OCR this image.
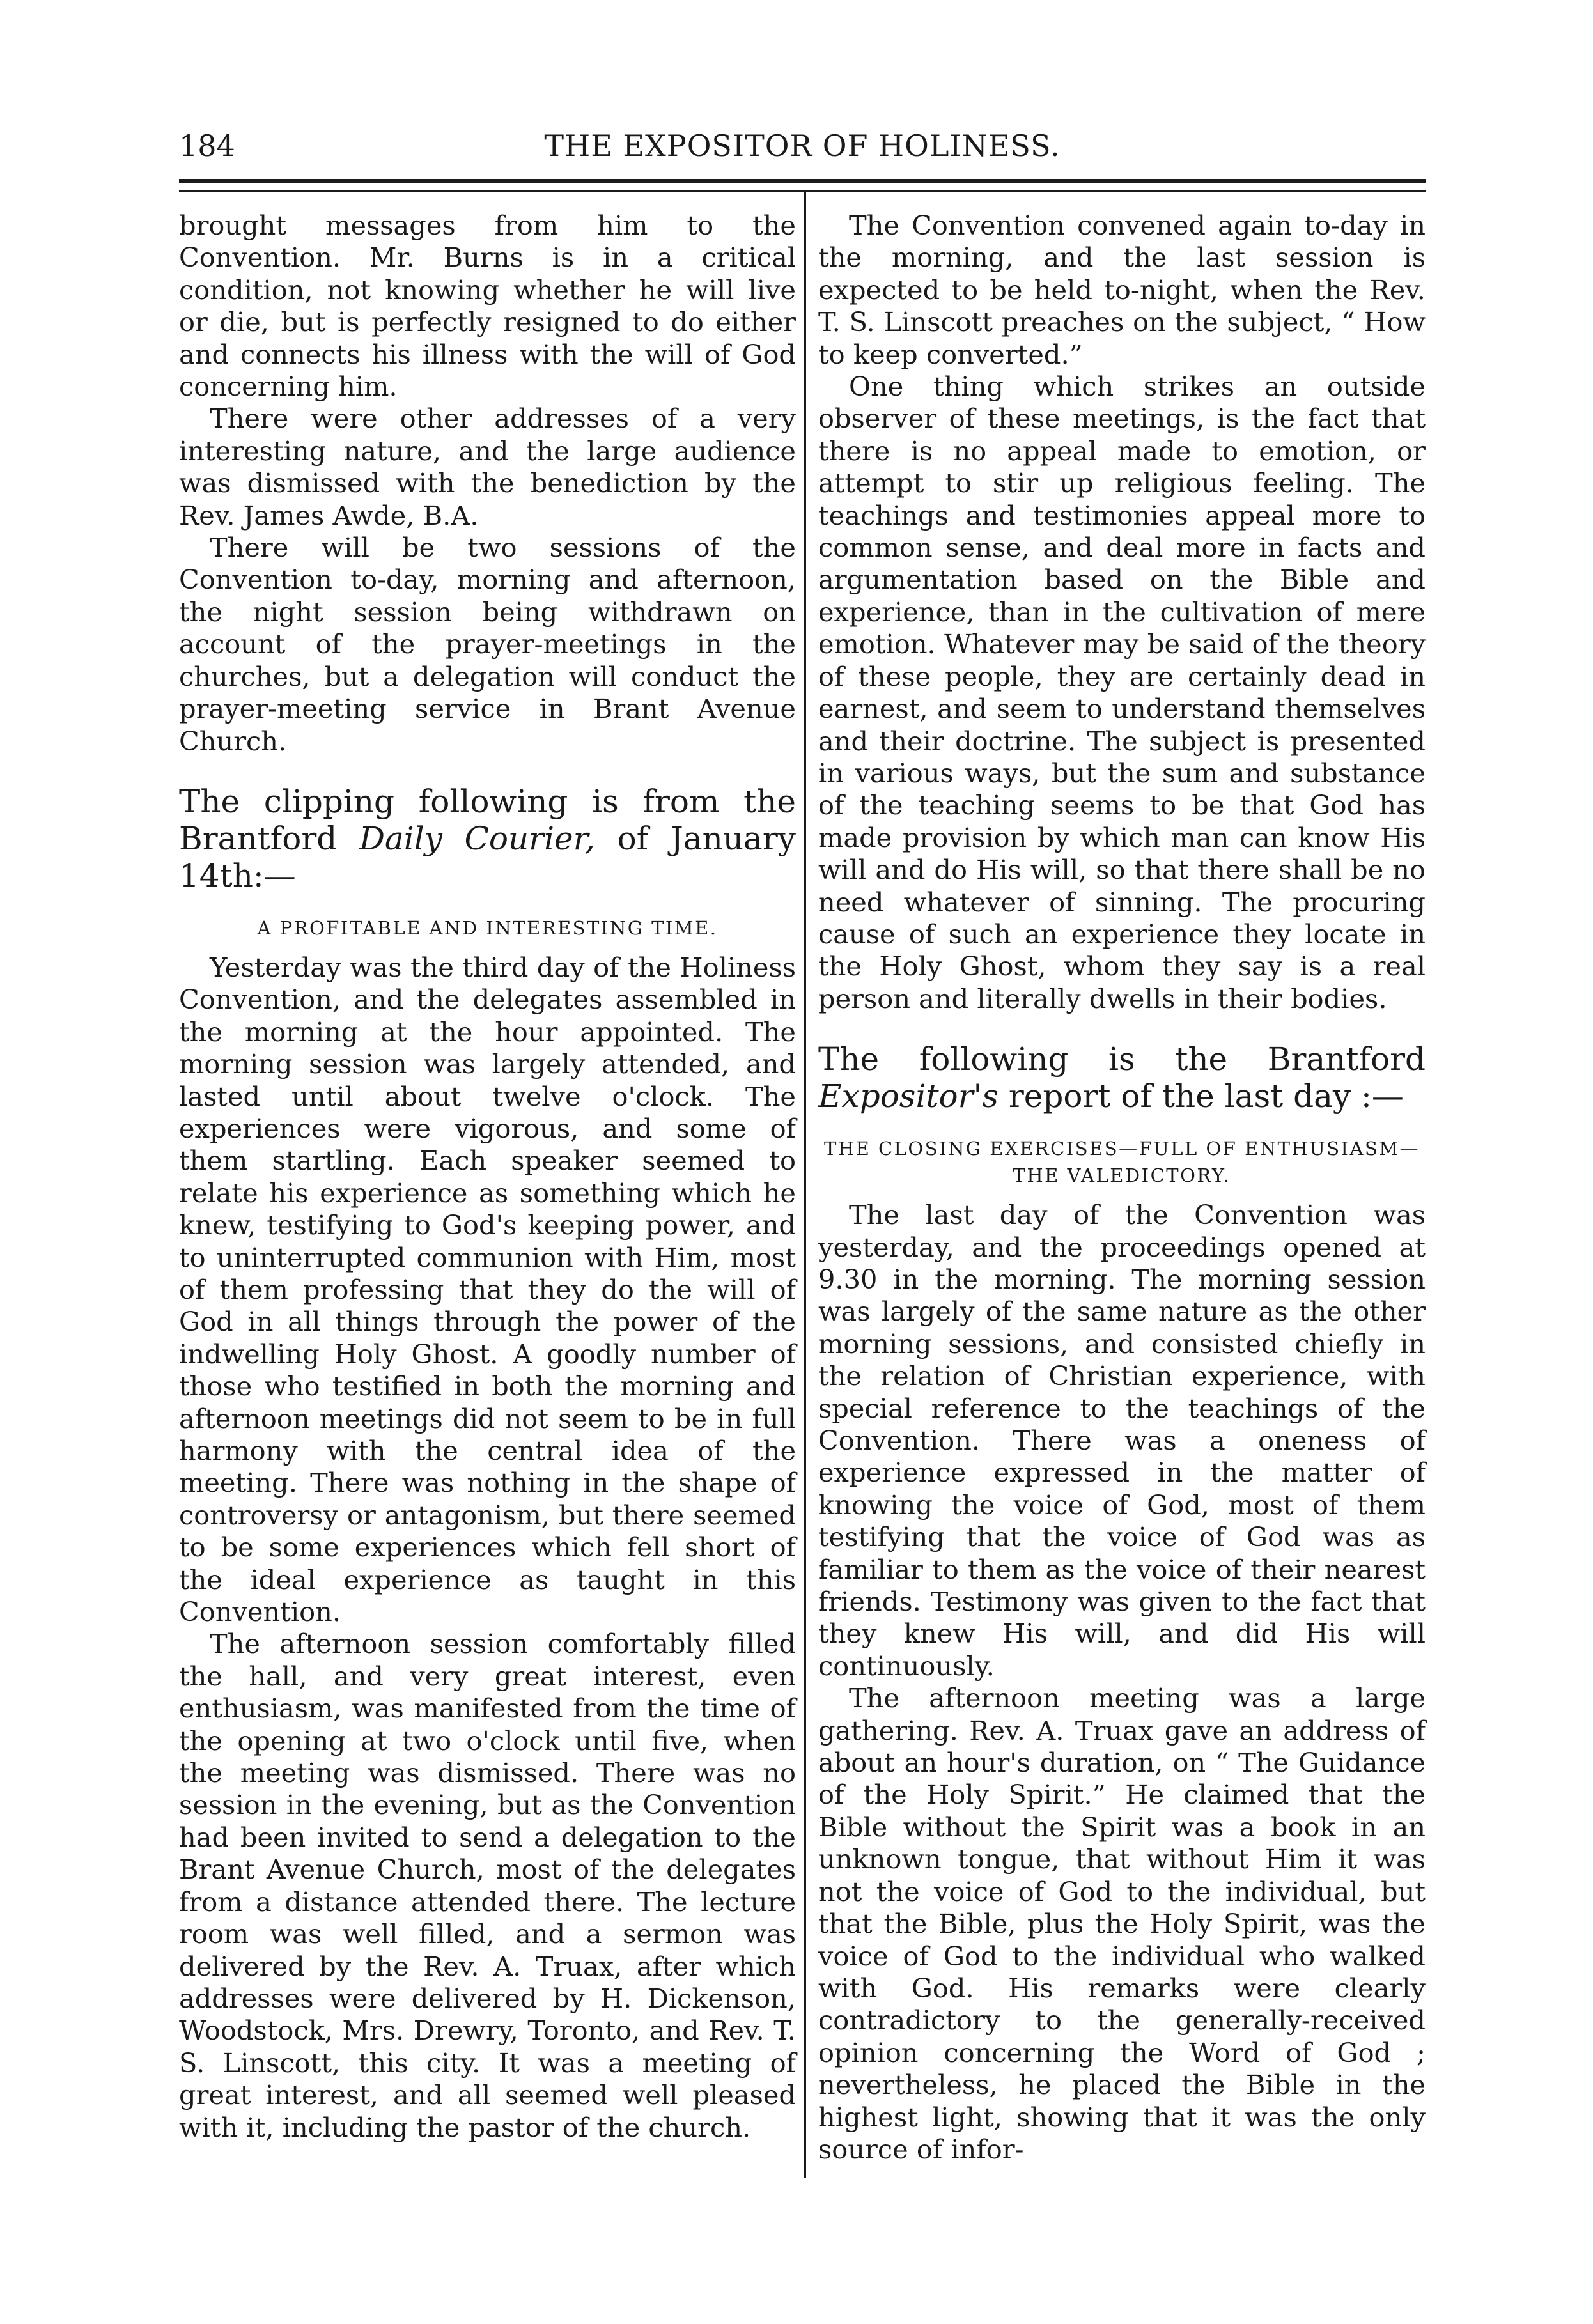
184	THE EXPOSITOR OF HOLINESS.

brought messages from him to the Convention. Mr. Burns is in a critical condition, not knowing whether he will live or die, but is perfectly resigned to do either and connects his illness with the will of God concerning him.

There were other addresses of a very interesting nature, and the large audience was dismissed with the benediction by the Rev. James Awde, B.A.

There will be two sessions of the Convention to-day, morning and afternoon, the night session being withdrawn on account of the prayer-meetings in the churches, but a delegation will conduct the prayer-meeting service in Brant Avenue Church.

The clipping following is from the Brantford Daily Courier, of January 14th:—

A PROFITABLE AND INTERESTING TIME.

Yesterday was the third day of the Holiness Convention, and the delegates assembled in the morning at the hour appointed. The morning session was largely attended, and lasted until about twelve o'clock. The experiences were vigorous, and some of them startling. Each speaker seemed to relate his experience as something which he knew, testifying to God's keeping power, and to uninterrupted communion with Him, most of them professing that they do the will of God in all things through the power of the indwelling Holy Ghost. A goodly number of those who testified in both the morning and afternoon meetings did not seem to be in full harmony with the central idea of the meeting. There was nothing in the shape of controversy or antagonism, but there seemed to be some experiences which fell short of the ideal experience as taught in this Convention.

The afternoon session comfortably filled the hall, and very great interest, even enthusiasm, was manifested from the time of the opening at two o'clock until five, when the meeting was dismissed. There was no session in the evening, but as the Convention had been invited to send a delegation to the Brant Avenue Church, most of the delegates from a distance attended there. The lecture room was well filled, and a sermon was delivered by the Rev. A. Truax, after which addresses were delivered by H. Dickenson, Woodstock, Mrs. Drewry, Toronto, and Rev. T. S. Linscott, this city. It was a meeting of great interest, and all seemed well pleased with it, including the pastor of the church.

The Convention convened again to-day in the morning, and the last session is expected to be held to-night, when the Rev. T. S. Linscott preaches on the subject, “ How to keep converted.”

One thing which strikes an outside observer of these meetings, is the fact that there is no appeal made to emotion, or attempt to stir up religious feeling. The teachings and testimonies appeal more to common sense, and deal more in facts and argumentation based on the Bible and experience, than in the cultivation of mere emotion. Whatever may be said of the theory of these people, they are certainly dead in earnest, and seem to understand themselves and their doctrine. The subject is presented in various ways, but the sum and substance of the teaching seems to be that God has made provision by which man can know His will and do His will, so that there shall be no need whatever of sinning. The procuring cause of such an experience they locate in the Holy Ghost, whom they say is a real person and literally dwells in their bodies.

The following is the Brantford Expositor's report of the last day :—

THE CLOSING EXERCISES—FULL OF ENTHUSIASM—THE VALEDICTORY.

The last day of the Convention was yesterday, and the proceedings opened at 9.30 in the morning. The morning session was largely of the same nature as the other morning sessions, and consisted chiefly in the relation of Christian experience, with special reference to the teachings of the Convention. There was a oneness of experience expressed in the matter of knowing the voice of God, most of them testifying that the voice of God was as familiar to them as the voice of their nearest friends. Testimony was given to the fact that they knew His will, and did His will continuously.

The afternoon meeting was a large gathering. Rev. A. Truax gave an address of about an hour's duration, on “ The Guidance of the Holy Spirit.” He claimed that the Bible without the Spirit was a book in an unknown tongue, that without Him it was not the voice of God to the individual, but that the Bible, plus the Holy Spirit, was the voice of God to the individual who walked with God. His remarks were clearly contradictory to the generally-received opinion concerning the Word of God ; nevertheless, he placed the Bible in the highest light, showing that it was the only source of infor-
